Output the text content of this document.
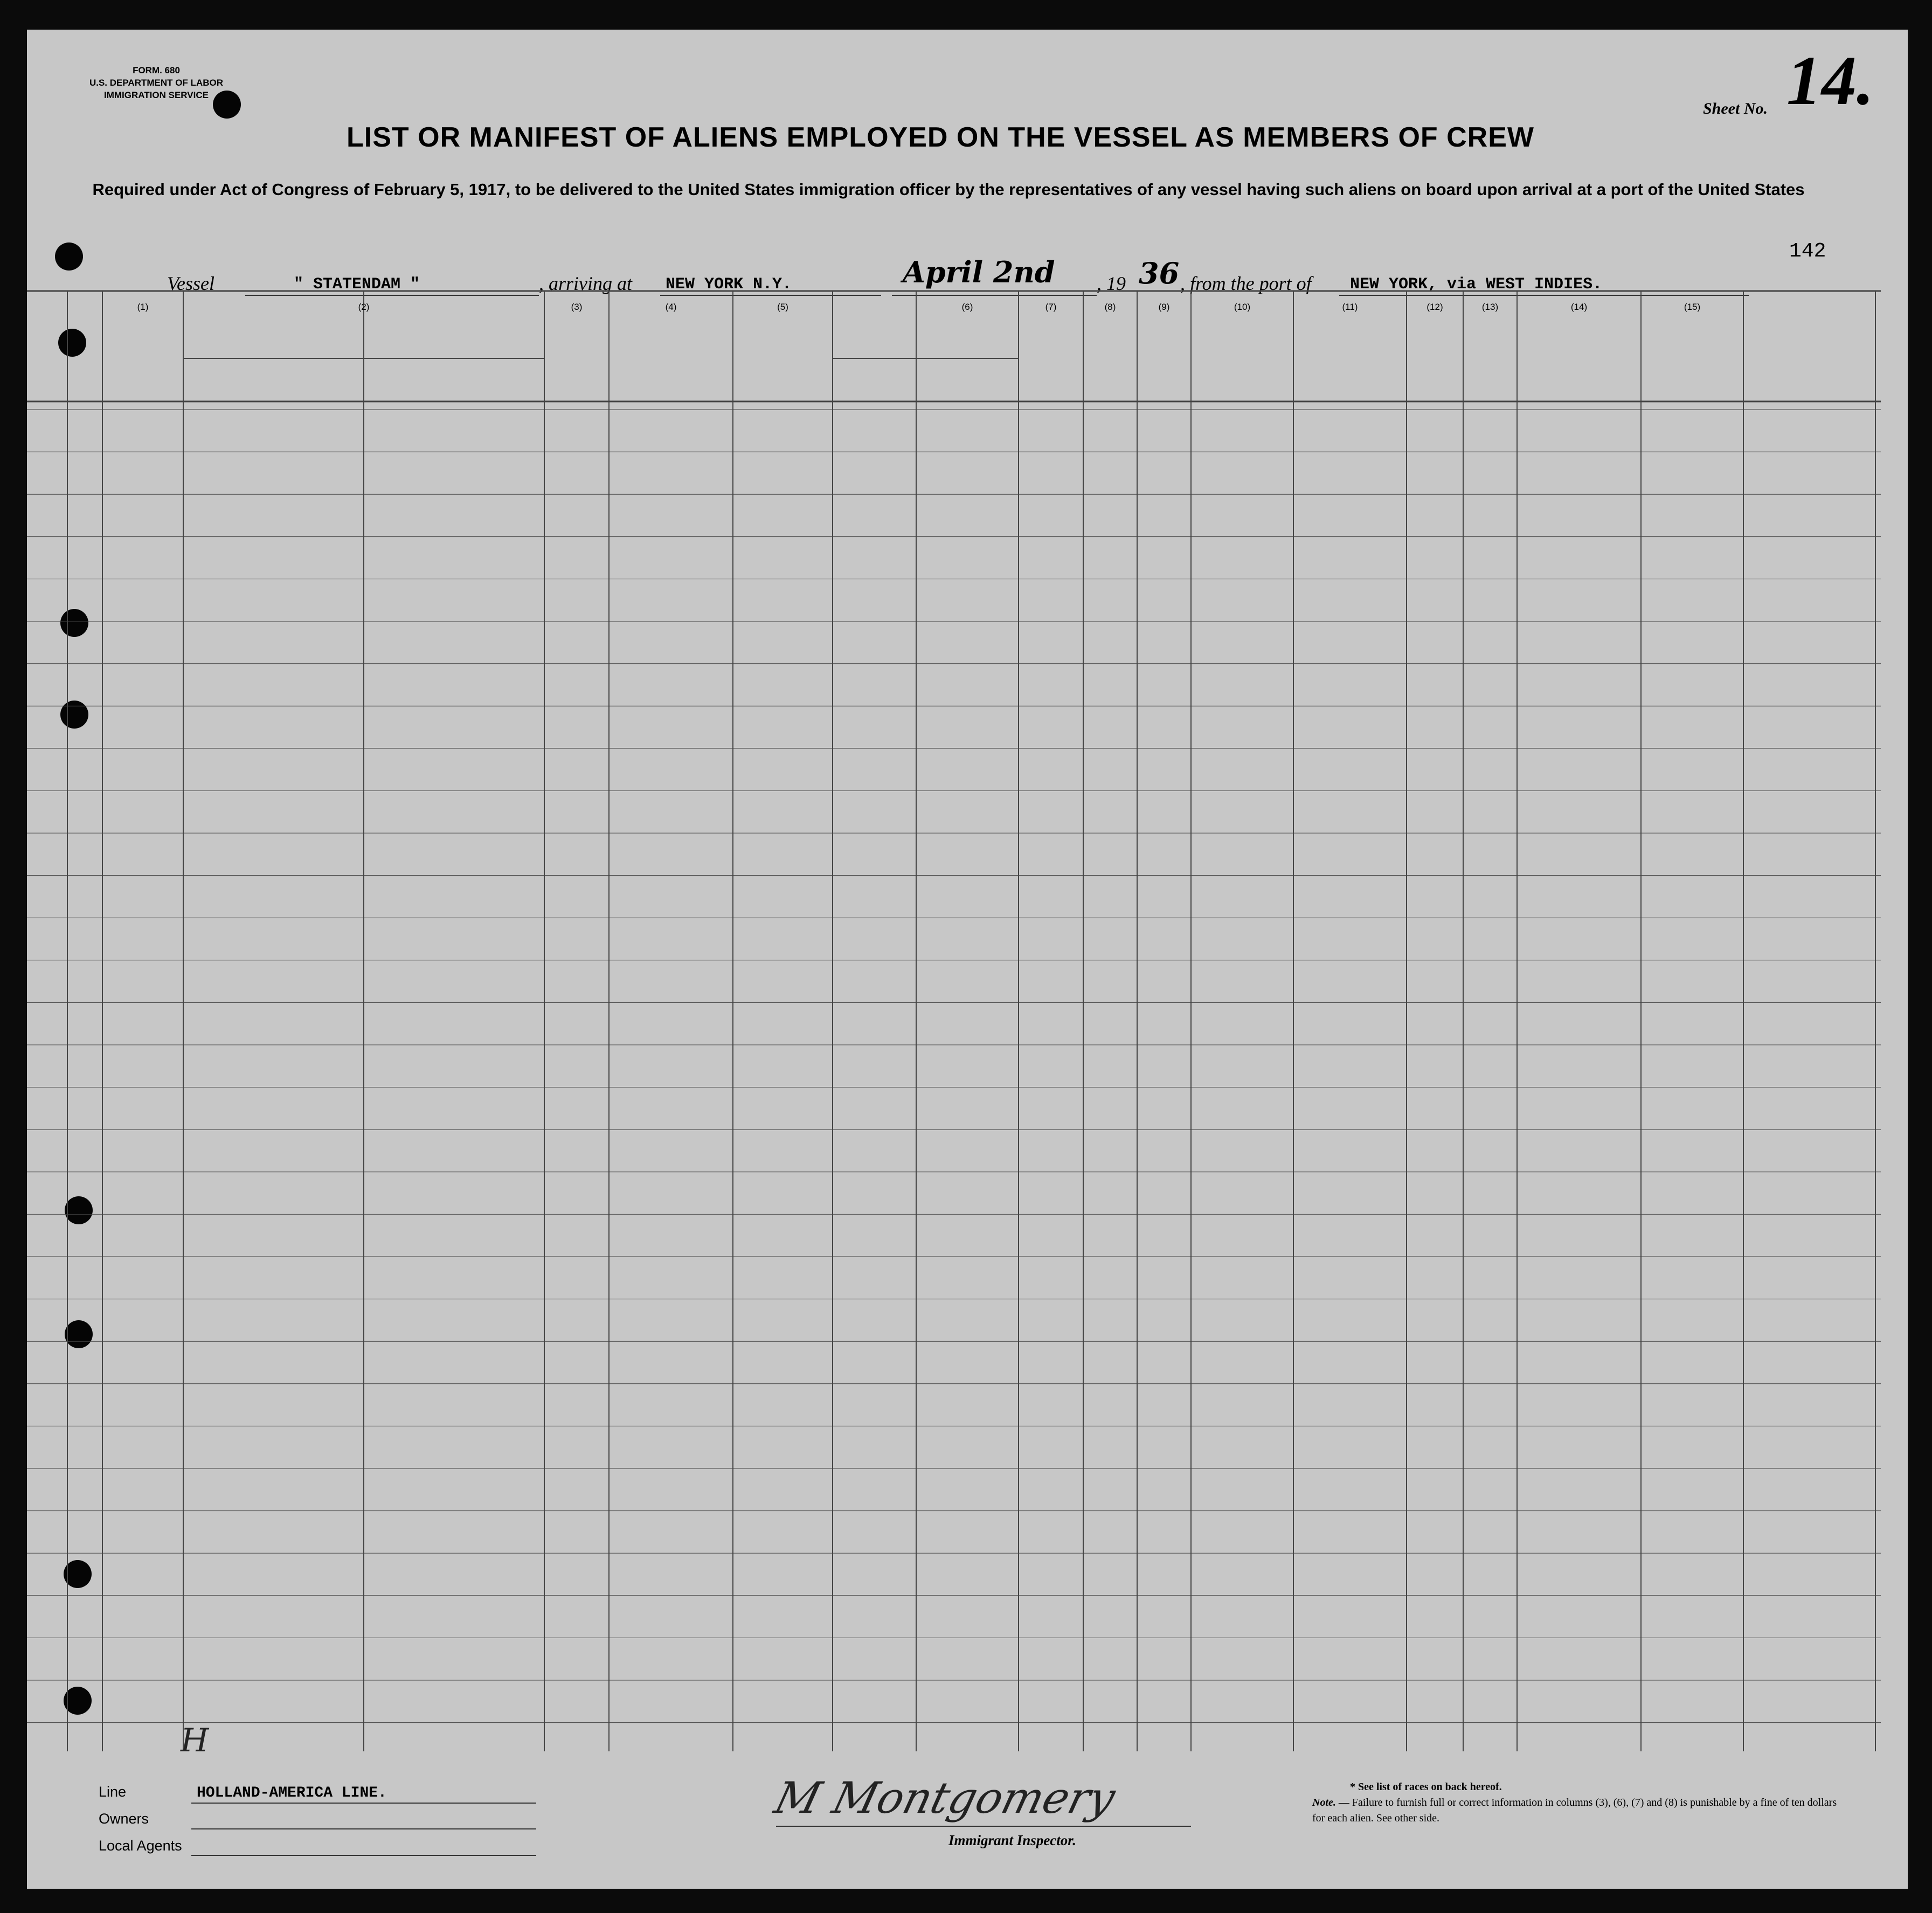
FORM. 680
U.S. DEPARTMENT OF LABOR
IMMIGRATION SERVICE
Sheet No. 14.
LIST OR MANIFEST OF ALIENS EMPLOYED ON THE VESSEL AS MEMBERS OF CREW
Required under Act of Congress of February 5, 1917, to be delivered to the United States immigration officer by the representatives of any vessel having such aliens on board upon arrival at a port of the United States
142
Vessel	" STATENDAM "	, arriving at NEW YORK N.Y.	April 2nd , 19 36 , from the port of NEW YORK, via WEST INDIES.
(1)	(2)	(3)	(4)	(5)	(6)	(7)	(8)	(9)	(10)	(11)	(12)	(13)	(14)	(15)
Line	HOLLAND-AMERICA LINE.
Owners
Local Agents
H
M Montgomery
Immigrant Inspector.
* See list of races on back hereof.
Note. — Failure to furnish full or correct information in columns (3), (6), (7) and (8) is punishable by a fine of ten dollars for each alien. See other side.
